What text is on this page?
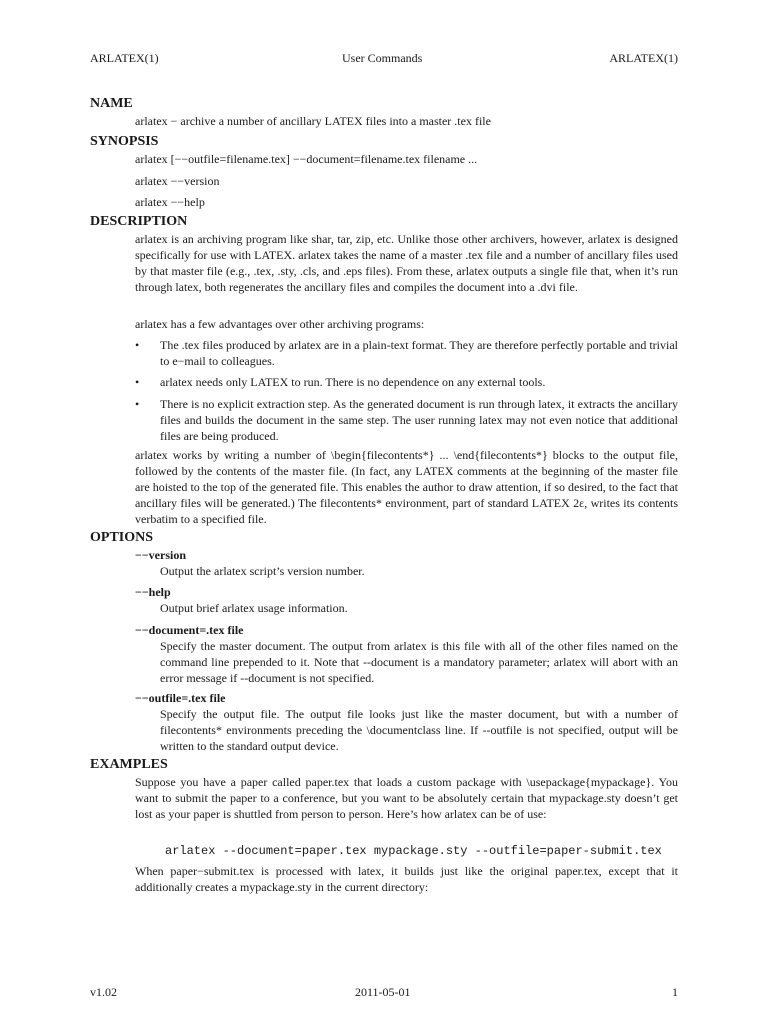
ARLATEX(1)	User Commands	ARLATEX(1)
NAME
arlatex − archive a number of ancillary LATEX files into a master .tex file
SYNOPSIS
arlatex [−−outfile=filename.tex] −−document=filename.tex filename ...
arlatex −−version
arlatex −−help
DESCRIPTION
arlatex is an archiving program like shar, tar, zip, etc. Unlike those other archivers, however, arlatex is designed specifically for use with LATEX. arlatex takes the name of a master .tex file and a number of ancillary files used by that master file (e.g., .tex, .sty, .cls, and .eps files). From these, arlatex outputs a single file that, when it’s run through latex, both regenerates the ancillary files and compiles the document into a .dvi file.
arlatex has a few advantages over other archiving programs:
• The .tex files produced by arlatex are in a plain-text format. They are therefore perfectly portable and trivial to e−mail to colleagues.
• arlatex needs only LATEX to run. There is no dependence on any external tools.
• There is no explicit extraction step. As the generated document is run through latex, it extracts the ancillary files and builds the document in the same step. The user running latex may not even notice that additional files are being produced.
arlatex works by writing a number of \begin{filecontents*} ... \end{filecontents*} blocks to the output file, followed by the contents of the master file. (In fact, any LATEX comments at the beginning of the master file are hoisted to the top of the generated file. This enables the author to draw attention, if so desired, to the fact that ancillary files will be generated.) The filecontents* environment, part of standard LATEX 2ε, writes its contents verbatim to a specified file.
OPTIONS
−−version
Output the arlatex script’s version number.
−−help
Output brief arlatex usage information.
−−document=.tex file
Specify the master document. The output from arlatex is this file with all of the other files named on the command line prepended to it. Note that --document is a mandatory parameter; arlatex will abort with an error message if --document is not specified.
−−outfile=.tex file
Specify the output file. The output file looks just like the master document, but with a number of filecontents* environments preceding the \documentclass line. If --outfile is not specified, output will be written to the standard output device.
EXAMPLES
Suppose you have a paper called paper.tex that loads a custom package with \usepackage{mypackage}. You want to submit the paper to a conference, but you want to be absolutely certain that mypackage.sty doesn’t get lost as your paper is shuttled from person to person. Here’s how arlatex can be of use:
arlatex --document=paper.tex mypackage.sty --outfile=paper-submit.tex
When paper−submit.tex is processed with latex, it builds just like the original paper.tex, except that it additionally creates a mypackage.sty in the current directory:
v1.02	2011-05-01	1
